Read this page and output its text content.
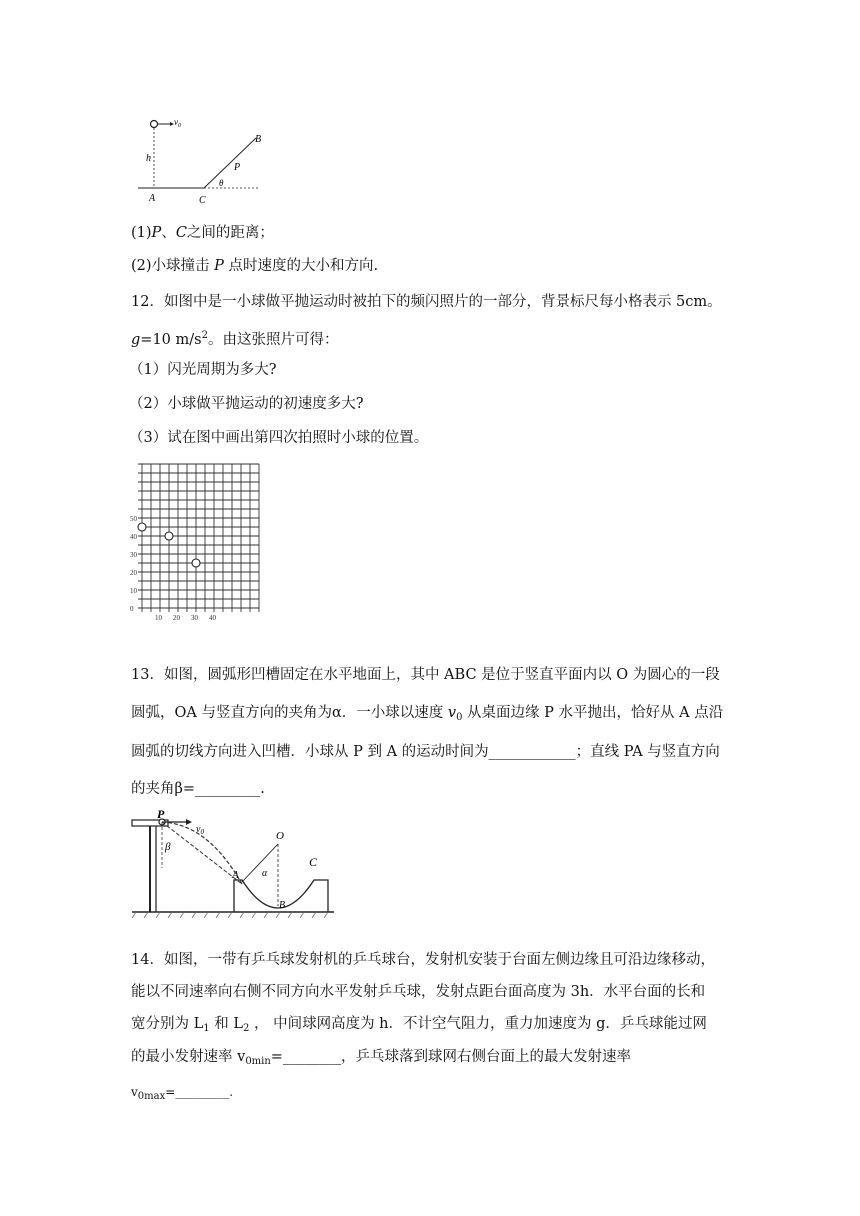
$v_0$
h
A	C
B
P
θ
(1)P、C之间的距离；
(2)小球撞击 P 点时速度的大小和方向.
12．如图中是一小球做平抛运动时被拍下的频闪照片的一部分，背景标尺每小格表示 5cm。
g=10 $m/s^2$。由这张照片可得：
（1）闪光周期为多大?
（2）小球做平抛运动的初速度多大?
（3）试在图中画出第四次拍照时小球的位置。
50
40
30
20
10
0
10 20 30 40
13．如图，圆弧形凹槽固定在水平地面上，其中 ABC 是位于竖直平面内以 O 为圆心的一段
圆弧，OA 与竖直方向的夹角为α．一小球以速度 $v_0$ 从桌面边缘 P 水平抛出，恰好从 A 点沿
圆弧的切线方向进入凹槽．小球从 P 到 A 的运动时间为____________；直线 PA 与竖直方向
的夹角β=_________.
P
$v_0$
β
A
O
α
B
C
14．如图，一带有乒乓球发射机的乒乓球台，发射机安装于台面左侧边缘且可沿边缘移动，
能以不同速率向右侧不同方向水平发射乒乓球，发射点距台面高度为 3h．水平台面的长和
宽分别为 $L_1$ 和 $L_2$ ， 中间球网高度为 h．不计空气阻力，重力加速度为 g．乒乓球能过网
的最小发射速率 $v_{0min}=\_\_\_\_\_\_\_\_$，乒乓球落到球网右侧台面上的最大发射速率
$v_{0max}=\_\_\_\_\_\_\_\_\_$.
